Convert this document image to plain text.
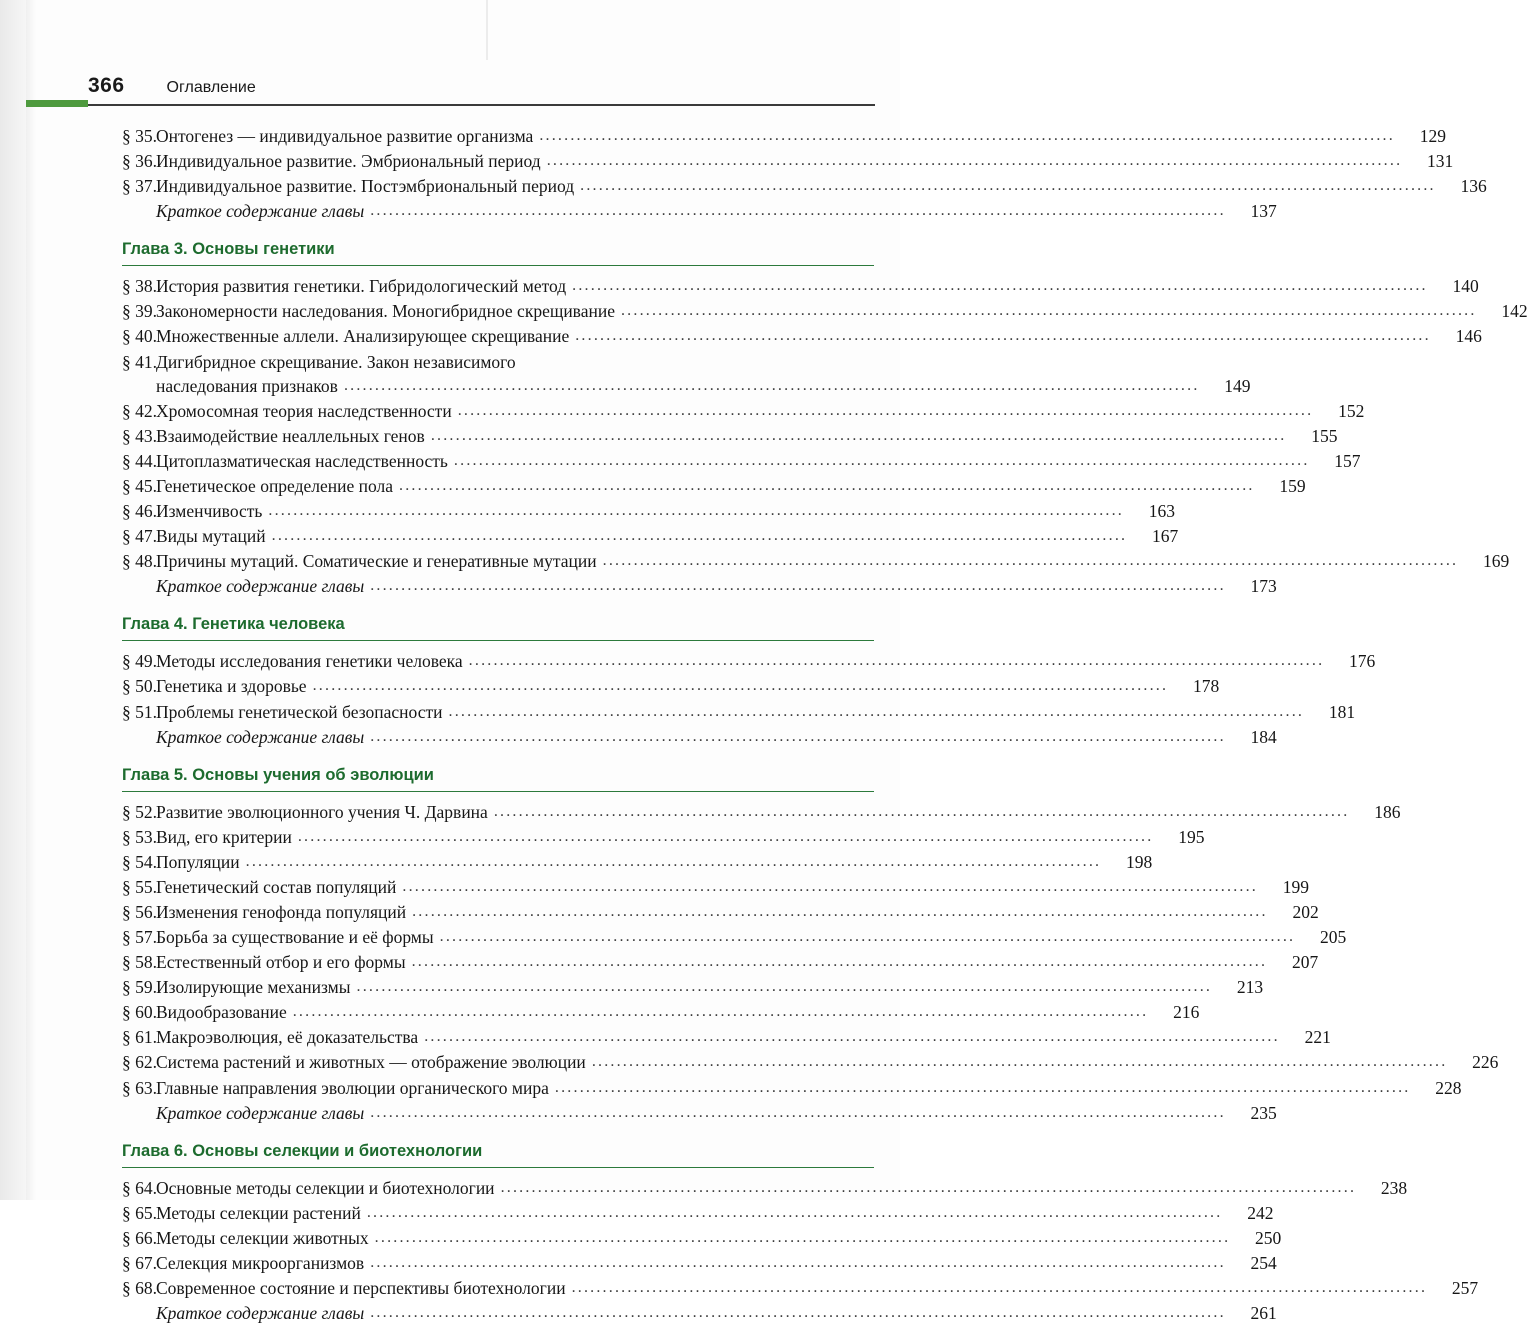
366	Оглавление
§ 35. Онтогенез — индивидуальное развитие организма .....	129
§ 36. Индивидуальное развитие. Эмбриональный период .....	131
§ 37. Индивидуальное развитие. Постэмбриональный период .....	136
Краткое содержание главы .....	137
Глава 3. Основы генетики
§ 38. История развития генетики. Гибридологический метод .....	140
§ 39. Закономерности наследования. Моногибридное скрещивание .....	142
§ 40. Множественные аллели. Анализирующее скрещивание .....	146
§ 41. Дигибридное скрещивание. Закон независимого
наследования признаков .....	149
§ 42. Хромосомная теория наследственности .....	152
§ 43. Взаимодействие неаллельных генов .....	155
§ 44. Цитоплазматическая наследственность .....	157
§ 45. Генетическое определение пола .....	159
§ 46. Изменчивость .....	163
§ 47. Виды мутаций .....	167
§ 48. Причины мутаций. Соматические и генеративные мутации .....	169
Краткое содержание главы .....	173
Глава 4. Генетика человека
§ 49. Методы исследования генетики человека .....	176
§ 50. Генетика и здоровье .....	178
§ 51. Проблемы генетической безопасности .....	181
Краткое содержание главы .....	184
Глава 5. Основы учения об эволюции
§ 52. Развитие эволюционного учения Ч. Дарвина .....	186
§ 53. Вид, его критерии .....	195
§ 54. Популяции .....	198
§ 55. Генетический состав популяций .....	199
§ 56. Изменения генофонда популяций .....	202
§ 57. Борьба за существование и её формы .....	205
§ 58. Естественный отбор и его формы .....	207
§ 59. Изолирующие механизмы .....	213
§ 60. Видообразование .....	216
§ 61. Макроэволюция, её доказательства .....	221
§ 62. Система растений и животных — отображение эволюции .....	226
§ 63. Главные направления эволюции органического мира .....	228
Краткое содержание главы .....	235
Глава 6. Основы селекции и биотехнологии
§ 64. Основные методы селекции и биотехнологии .....	238
§ 65. Методы селекции растений .....	242
§ 66. Методы селекции животных .....	250
§ 67. Селекция микроорганизмов .....	254
§ 68. Современное состояние и перспективы биотехнологии .....	257
Краткое содержание главы .....	261
